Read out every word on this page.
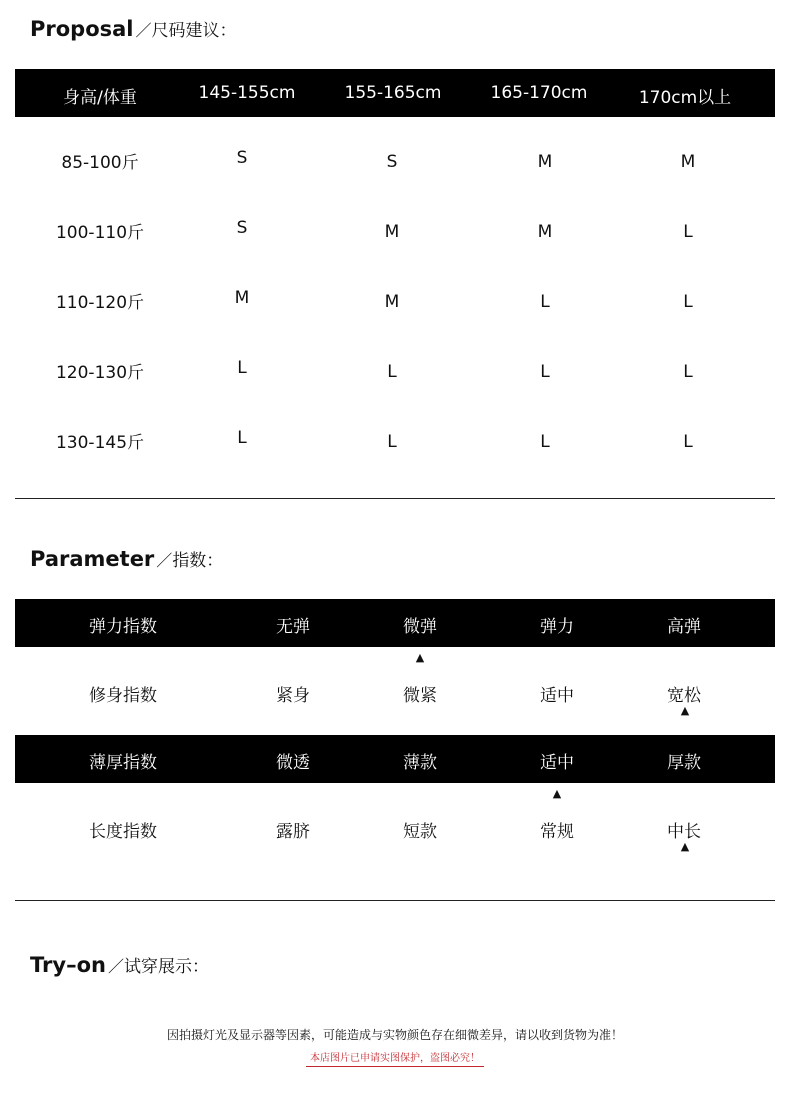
Proposal ／尺码建议：
身高/体重	145-155cm	155-165cm	165-170cm	170cm以上
85-100斤	S	S	M	M
100-110斤	S	M	M	L
110-120斤	M	M	L	L
120-130斤	L	L	L	L
130-145斤	L	L	L	L
Parameter ／指数：
弹力指数	无弹	微弹	弹力	高弹
▲
修身指数	紧身	微紧	适中	宽松
▲
薄厚指数	微透	薄款	适中	厚款
▲
长度指数	露脐	短款	常规	中长
▲
Try–on ／试穿展示：
因拍摄灯光及显示器等因素，可能造成与实物颜色存在细微差异，请以收到货物为准！
本店图片已申请实图保护，盗图必究！
